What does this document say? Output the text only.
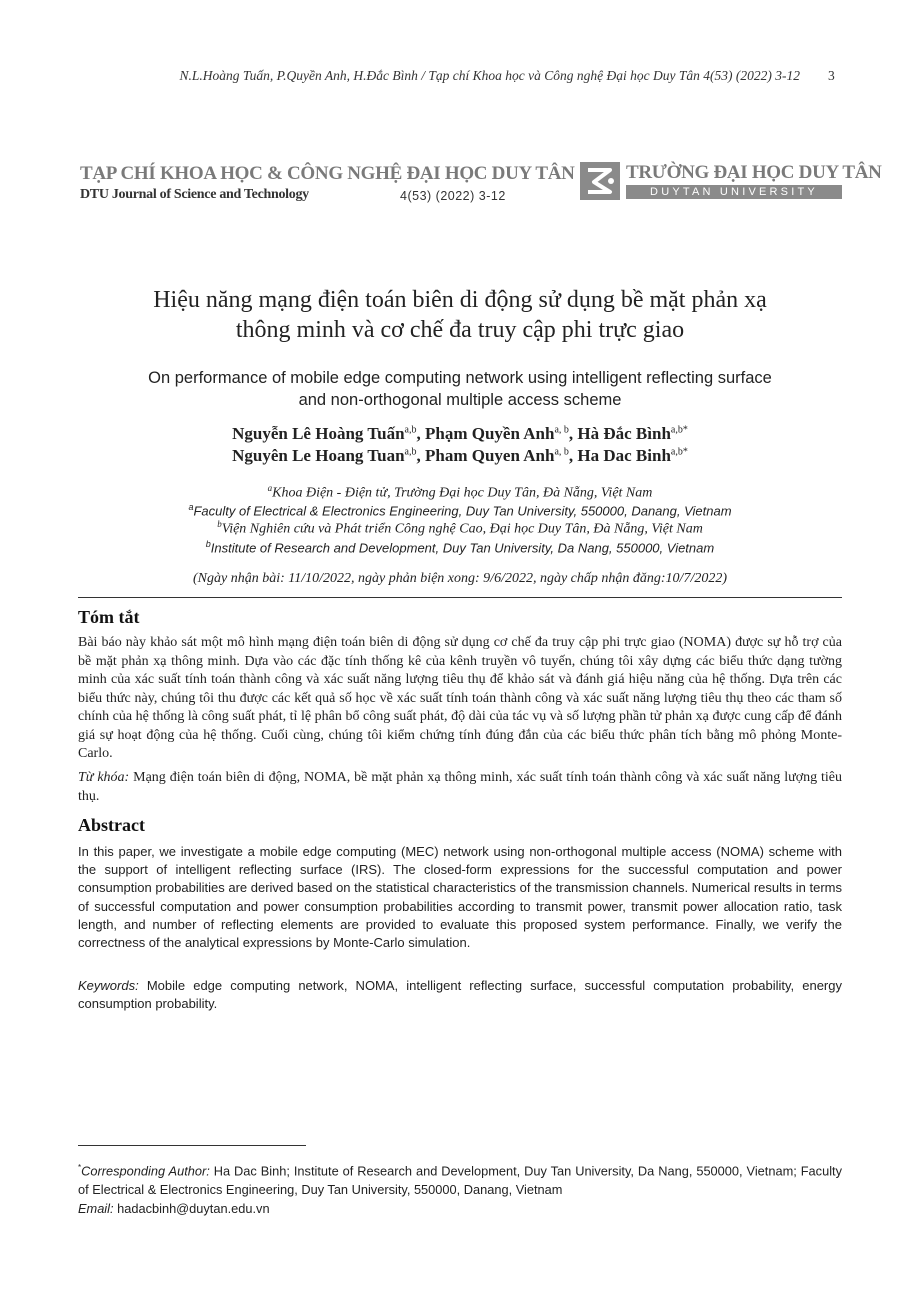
N.L.Hoàng Tuấn, P.Quyền Anh, H.Đắc Bình / Tạp chí Khoa học và Công nghệ Đại học Duy Tân 4(53) (2022) 3-12 3
TẠP CHÍ KHOA HỌC & CÔNG NGHỆ ĐẠI HỌC DUY TÂN
DTU Journal of Science and Technology	4(53) (2022) 3-12
TRƯỜNG ĐẠI HỌC DUY TÂN
DUYTAN UNIVERSITY
Hiệu năng mạng điện toán biên di động sử dụng bề mặt phản xạ
thông minh và cơ chế đa truy cập phi trực giao
On performance of mobile edge computing network using intelligent reflecting surface
and non-orthogonal multiple access scheme
Nguyễn Lê Hoàng Tuấn$^{a,b}$, Phạm Quyền Anh$^{a, b}$, Hà Đắc Bình$^{a,b*}$
Nguyên Le Hoang Tuan$^{a,b}$, Pham Quyen Anh$^{a, b}$, Ha Dac Binh$^{a,b*}$
$^a$Khoa Điện - Điện tử, Trường Đại học Duy Tân, Đà Nẵng, Việt Nam
$^a$Faculty of Electrical & Electronics Engineering, Duy Tan University, 550000, Danang, Vietnam
$^b$Viện Nghiên cứu và Phát triển Công nghệ Cao, Đại học Duy Tân, Đà Nẵng, Việt Nam
$^b$Institute of Research and Development, Duy Tan University, Da Nang, 550000, Vietnam
(Ngày nhận bài: 11/10/2022, ngày phản biện xong: 9/6/2022, ngày chấp nhận đăng:10/7/2022)
Tóm tắt
Bài báo này khảo sát một mô hình mạng điện toán biên di động sử dụng cơ chế đa truy cập phi trực giao (NOMA) được sự hỗ trợ của bề mặt phản xạ thông minh. Dựa vào các đặc tính thống kê của kênh truyền vô tuyến, chúng tôi xây dựng các biểu thức dạng tường minh của xác suất tính toán thành công và xác suất năng lượng tiêu thụ để khảo sát và đánh giá hiệu năng của hệ thống. Dựa trên các biểu thức này, chúng tôi thu được các kết quả số học về xác suất tính toán thành công và xác suất năng lượng tiêu thụ theo các tham số chính của hệ thống là công suất phát, tỉ lệ phân bổ công suất phát, độ dài của tác vụ và số lượng phần tử phản xạ được cung cấp để đánh giá sự hoạt động của hệ thống. Cuối cùng, chúng tôi kiểm chứng tính đúng đắn của các biểu thức phân tích bằng mô phỏng Monte-Carlo.
Từ khóa: Mạng điện toán biên di động, NOMA, bề mặt phản xạ thông minh, xác suất tính toán thành công và xác suất năng lượng tiêu thụ.
Abstract
In this paper, we investigate a mobile edge computing (MEC) network using non-orthogonal multiple access (NOMA) scheme with the support of intelligent reflecting surface (IRS). The closed-form expressions for the successful computation and power consumption probabilities are derived based on the statistical characteristics of the transmission channels. Numerical results in terms of successful computation and power consumption probabilities according to transmit power, transmit power allocation ratio, task length, and number of reflecting elements are provided to evaluate this proposed system performance. Finally, we verify the correctness of the analytical expressions by Monte-Carlo simulation.
Keywords: Mobile edge computing network, NOMA, intelligent reflecting surface, successful computation probability, energy consumption probability.
*Corresponding Author: Ha Dac Binh; Institute of Research and Development, Duy Tan University, Da Nang, 550000, Vietnam; Faculty of Electrical & Electronics Engineering, Duy Tan University, 550000, Danang, Vietnam
Email: hadacbinh@duytan.edu.vn
